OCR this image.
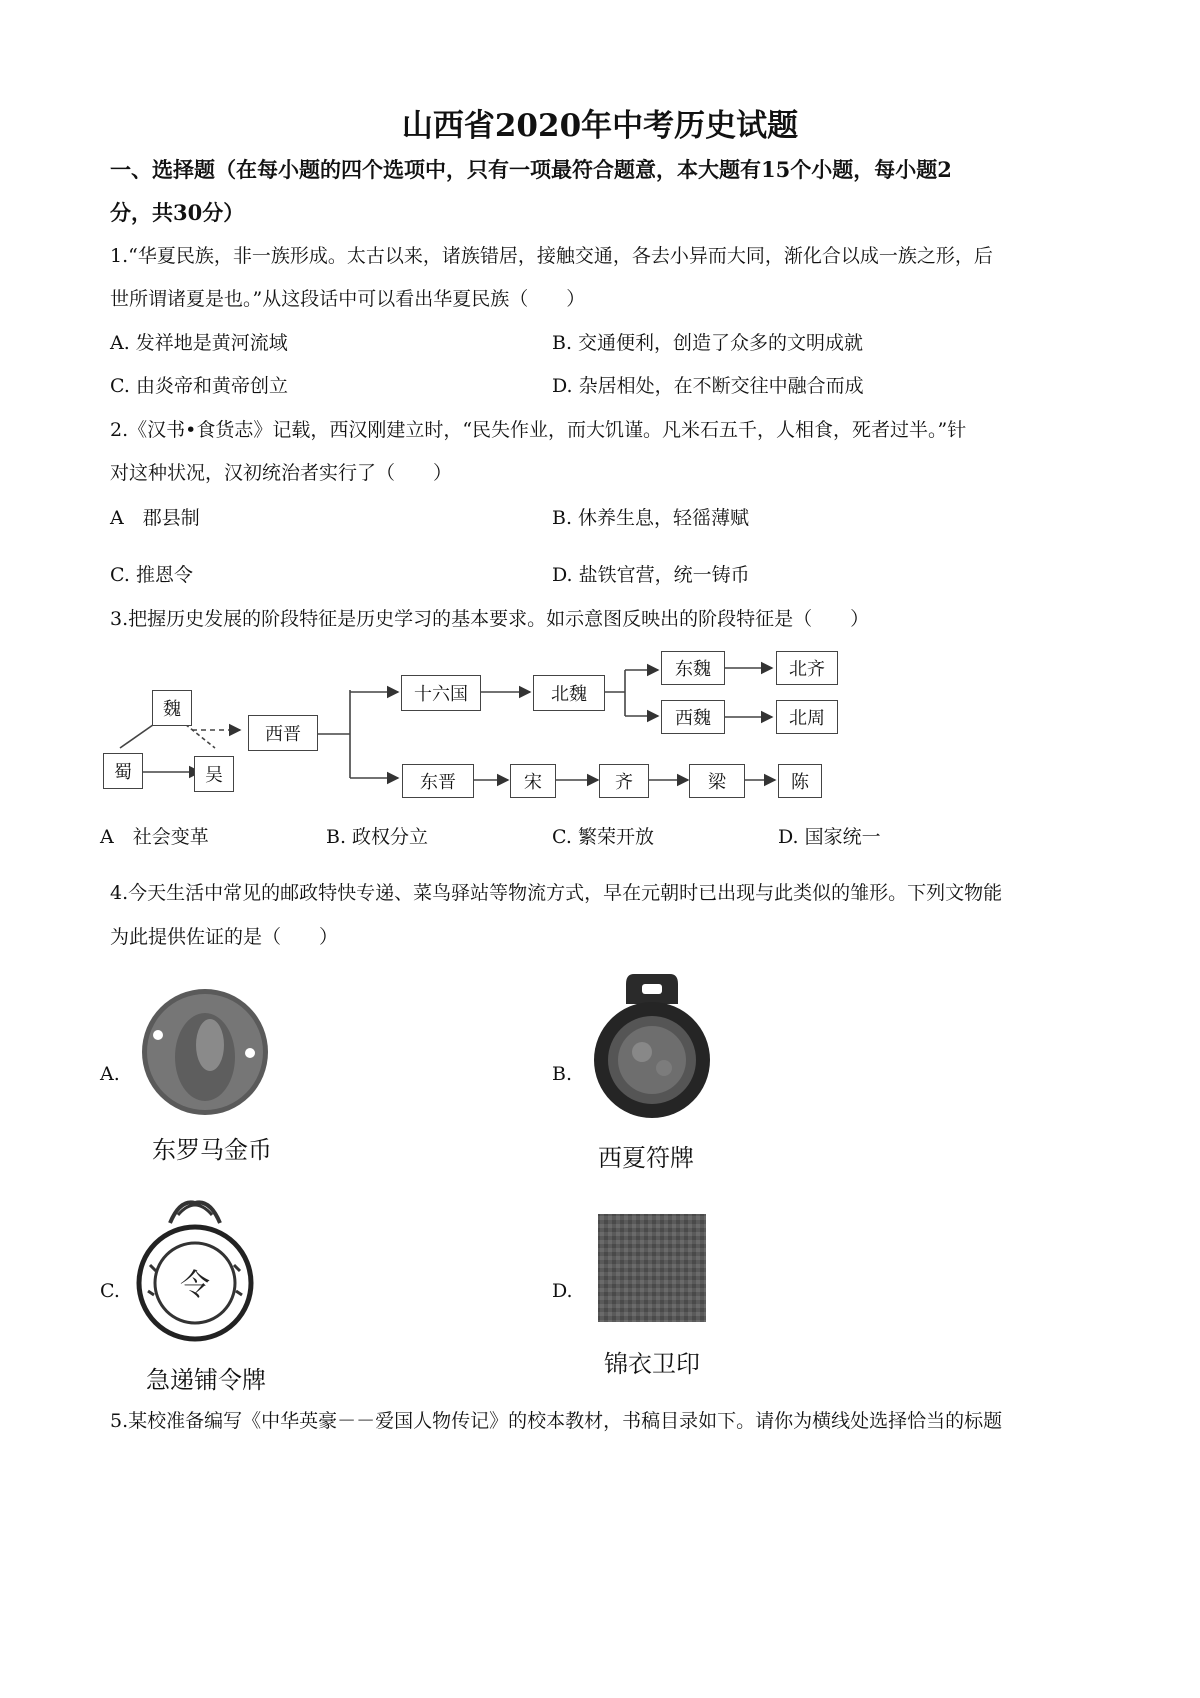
山西省2020年中考历史试题
一、选择题（在每小题的四个选项中，只有一项最符合题意，本大题有15个小题，每小题2
分，共30分）
1.“华夏民族，非一族形成。太古以来，诸族错居，接触交通，各去小异而大同，渐化合以成一族之形，后
世所谓诸夏是也。”从这段话中可以看出华夏民族（　　）
A. 发祥地是黄河流域	B. 交通便利，创造了众多的文明成就
C. 由炎帝和黄帝创立	D. 杂居相处，在不断交往中融合而成
2.《汉书•食货志》记载，西汉刚建立时，“民失作业，而大饥谨。凡米石五千，人相食，死者过半。”针
对这种状况，汉初统治者实行了（　　）
A　郡县制	B. 休养生息，轻徭薄赋
C. 推恩令	D. 盐铁官营，统一铸币
3.把握历史发展的阶段特征是历史学习的基本要求。如示意图反映出的阶段特征是（　　）
魏
蜀	吴
西晋
十六国	北魏
东魏
西魏
北齐
北周
东晋	宋	齐	梁	陈
A　社会变革	B. 政权分立	C. 繁荣开放	D. 国家统一
4.今天生活中常见的邮政特快专递、菜鸟驿站等物流方式，早在元朝时已出现与此类似的雏形。下列文物能
为此提供佐证的是（　　）
A.
东罗马金币
B.
西夏符牌
C. 令
急递铺令牌
D.
锦衣卫印
5.某校准备编写《中华英豪－－爱国人物传记》的校本教材，书稿目录如下。请你为横线处选择恰当的标题
